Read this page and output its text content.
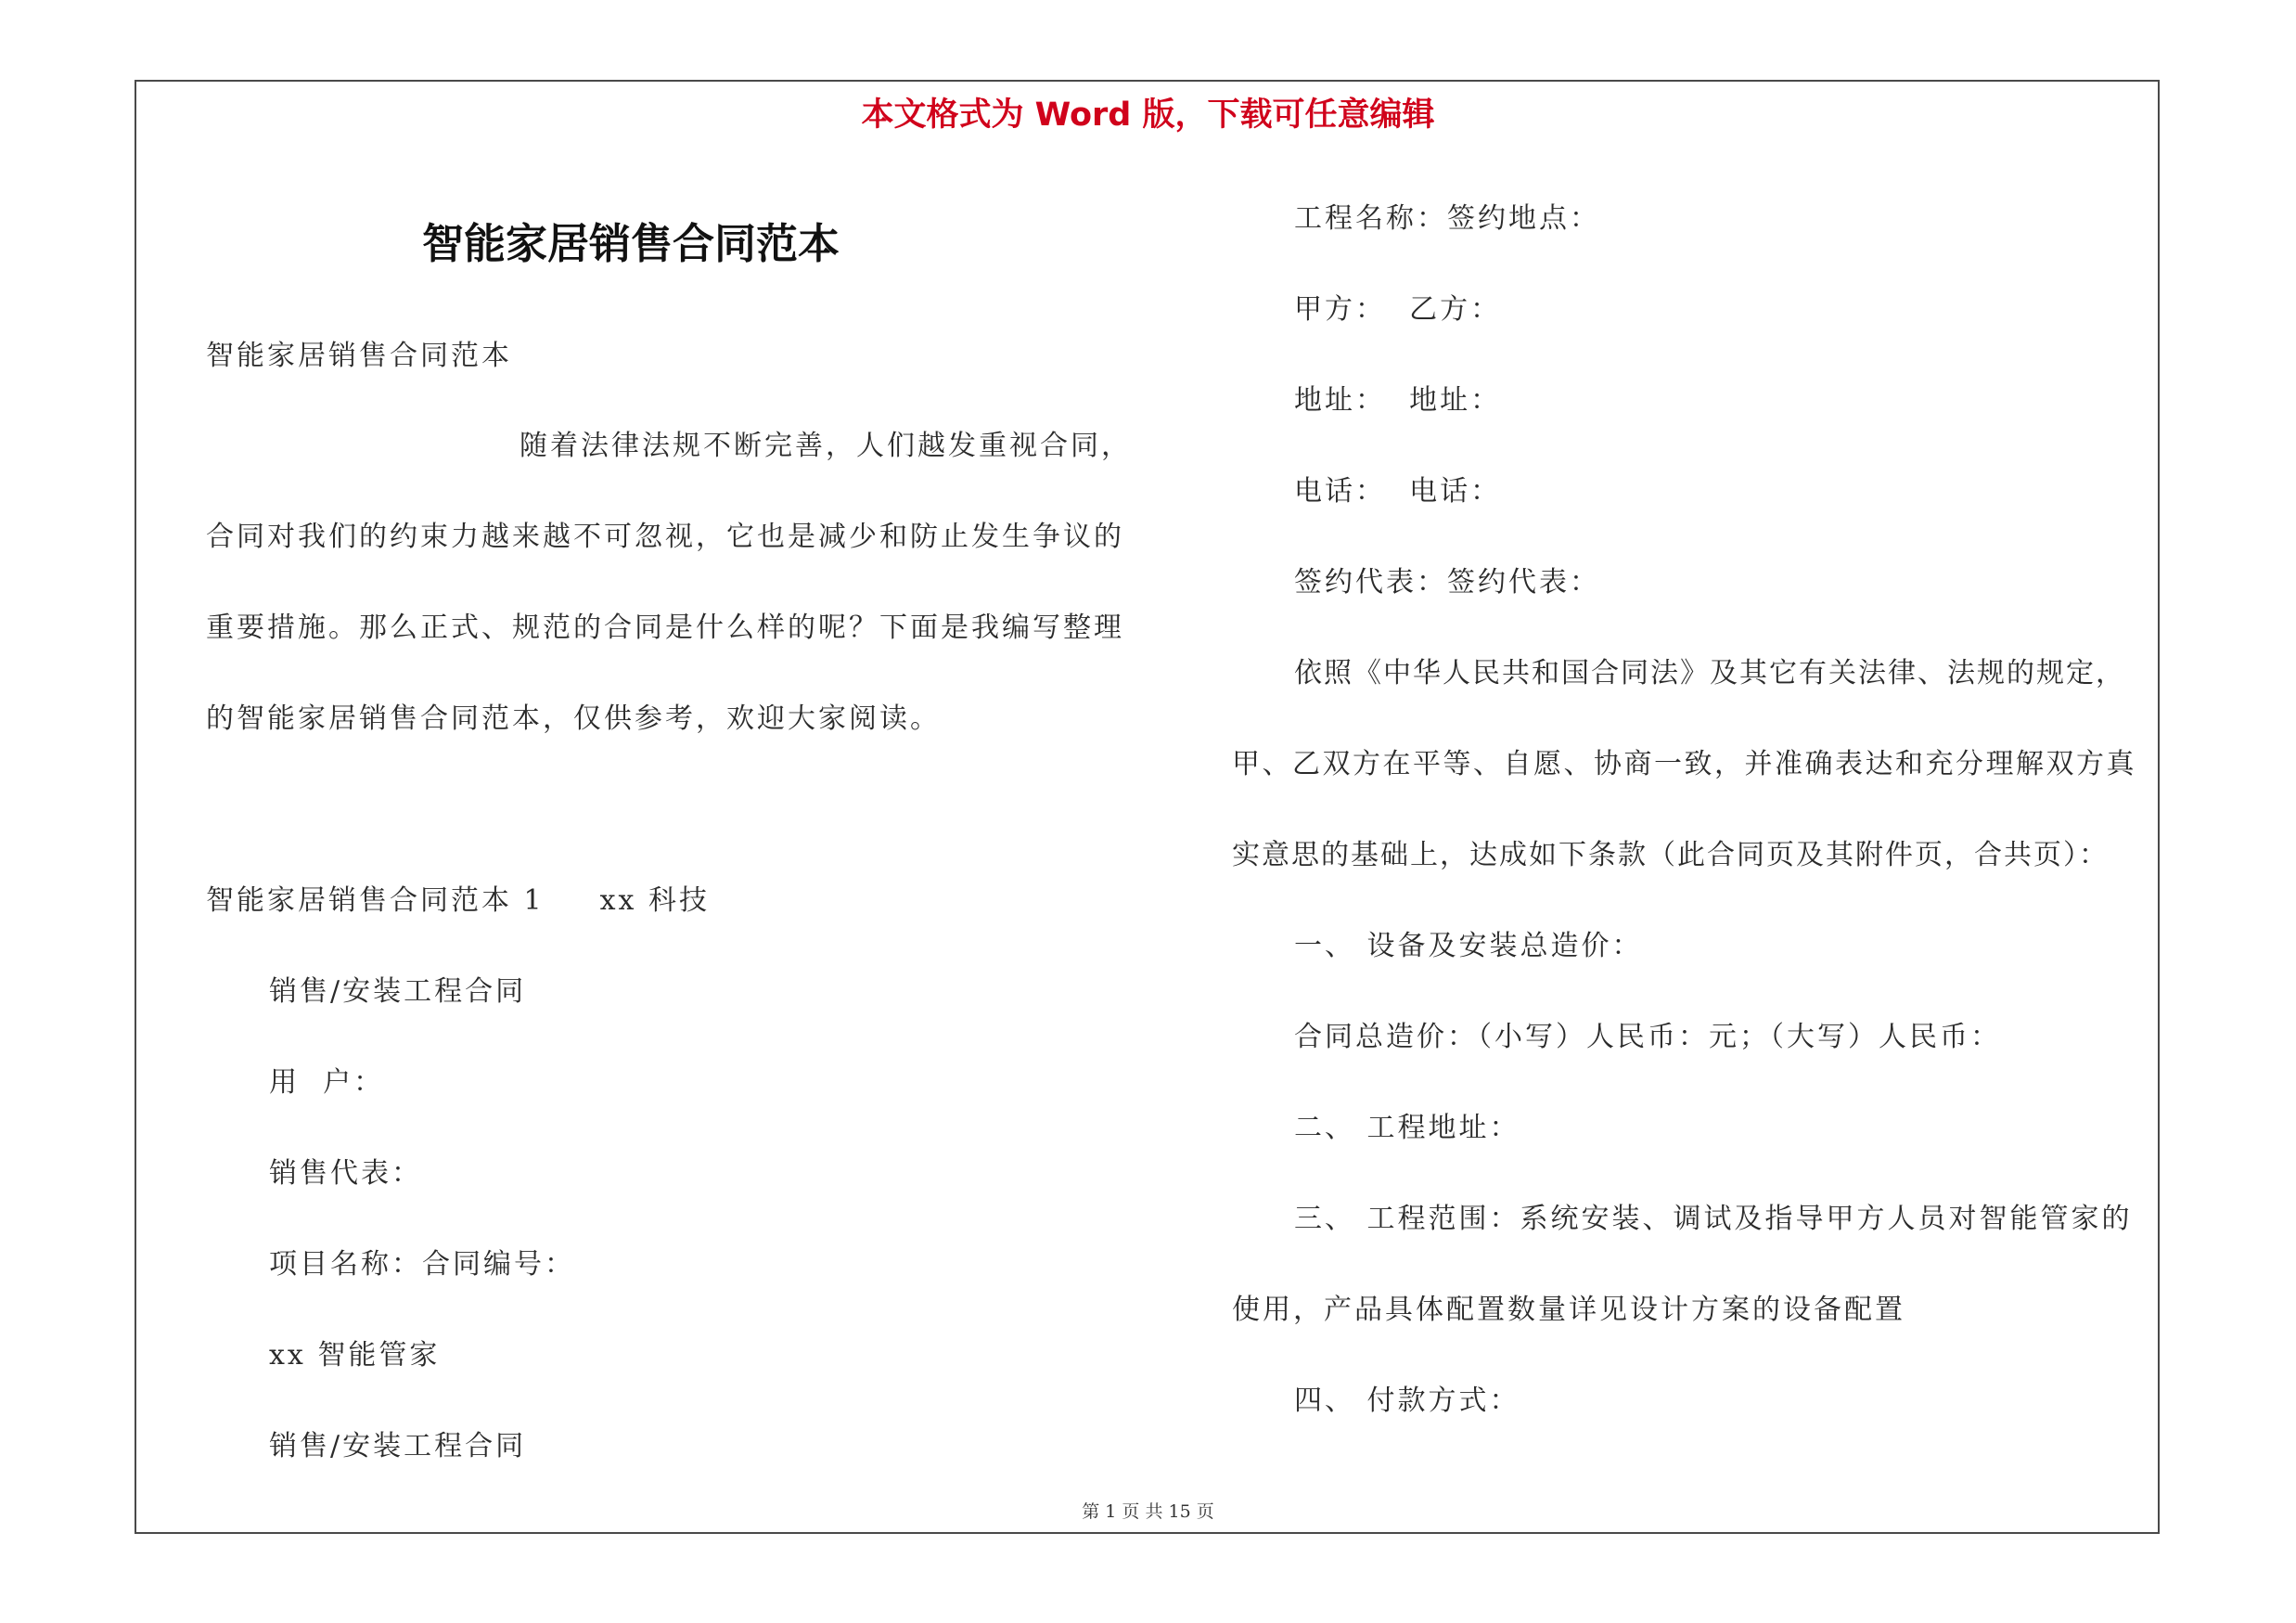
本文格式为 Word 版，下载可任意编辑
智能家居销售合同范本
智能家居销售合同范本
随着法律法规不断完善，人们越发重视合同，
合同对我们的约束力越来越不可忽视，它也是减少和防止发生争议的
重要措施。那么正式、规范的合同是什么样的呢？下面是我编写整理
的智能家居销售合同范本，仅供参考，欢迎大家阅读。
智能家居销售合同范本 1 xx 科技
销售/安装工程合同
用  户：
销售代表：
项目名称：合同编号：
xx 智能管家
销售/安装工程合同
工程名称：签约地点：
甲方：  乙方：
地址：  地址：
电话：  电话：
签约代表：签约代表：
依照《中华人民共和国合同法》及其它有关法律、法规的规定，
甲、乙双方在平等、自愿、协商一致，并准确表达和充分理解双方真
实意思的基础上，达成如下条款（此合同页及其附件页，合共页）：
一、 设备及安装总造价：
合同总造价：（小写）人民币：元；（大写）人民币：
二、 工程地址：
三、 工程范围：系统安装、调试及指导甲方人员对智能管家的
使用，产品具体配置数量详见设计方案的设备配置
四、 付款方式：
第 1 页 共 15 页
